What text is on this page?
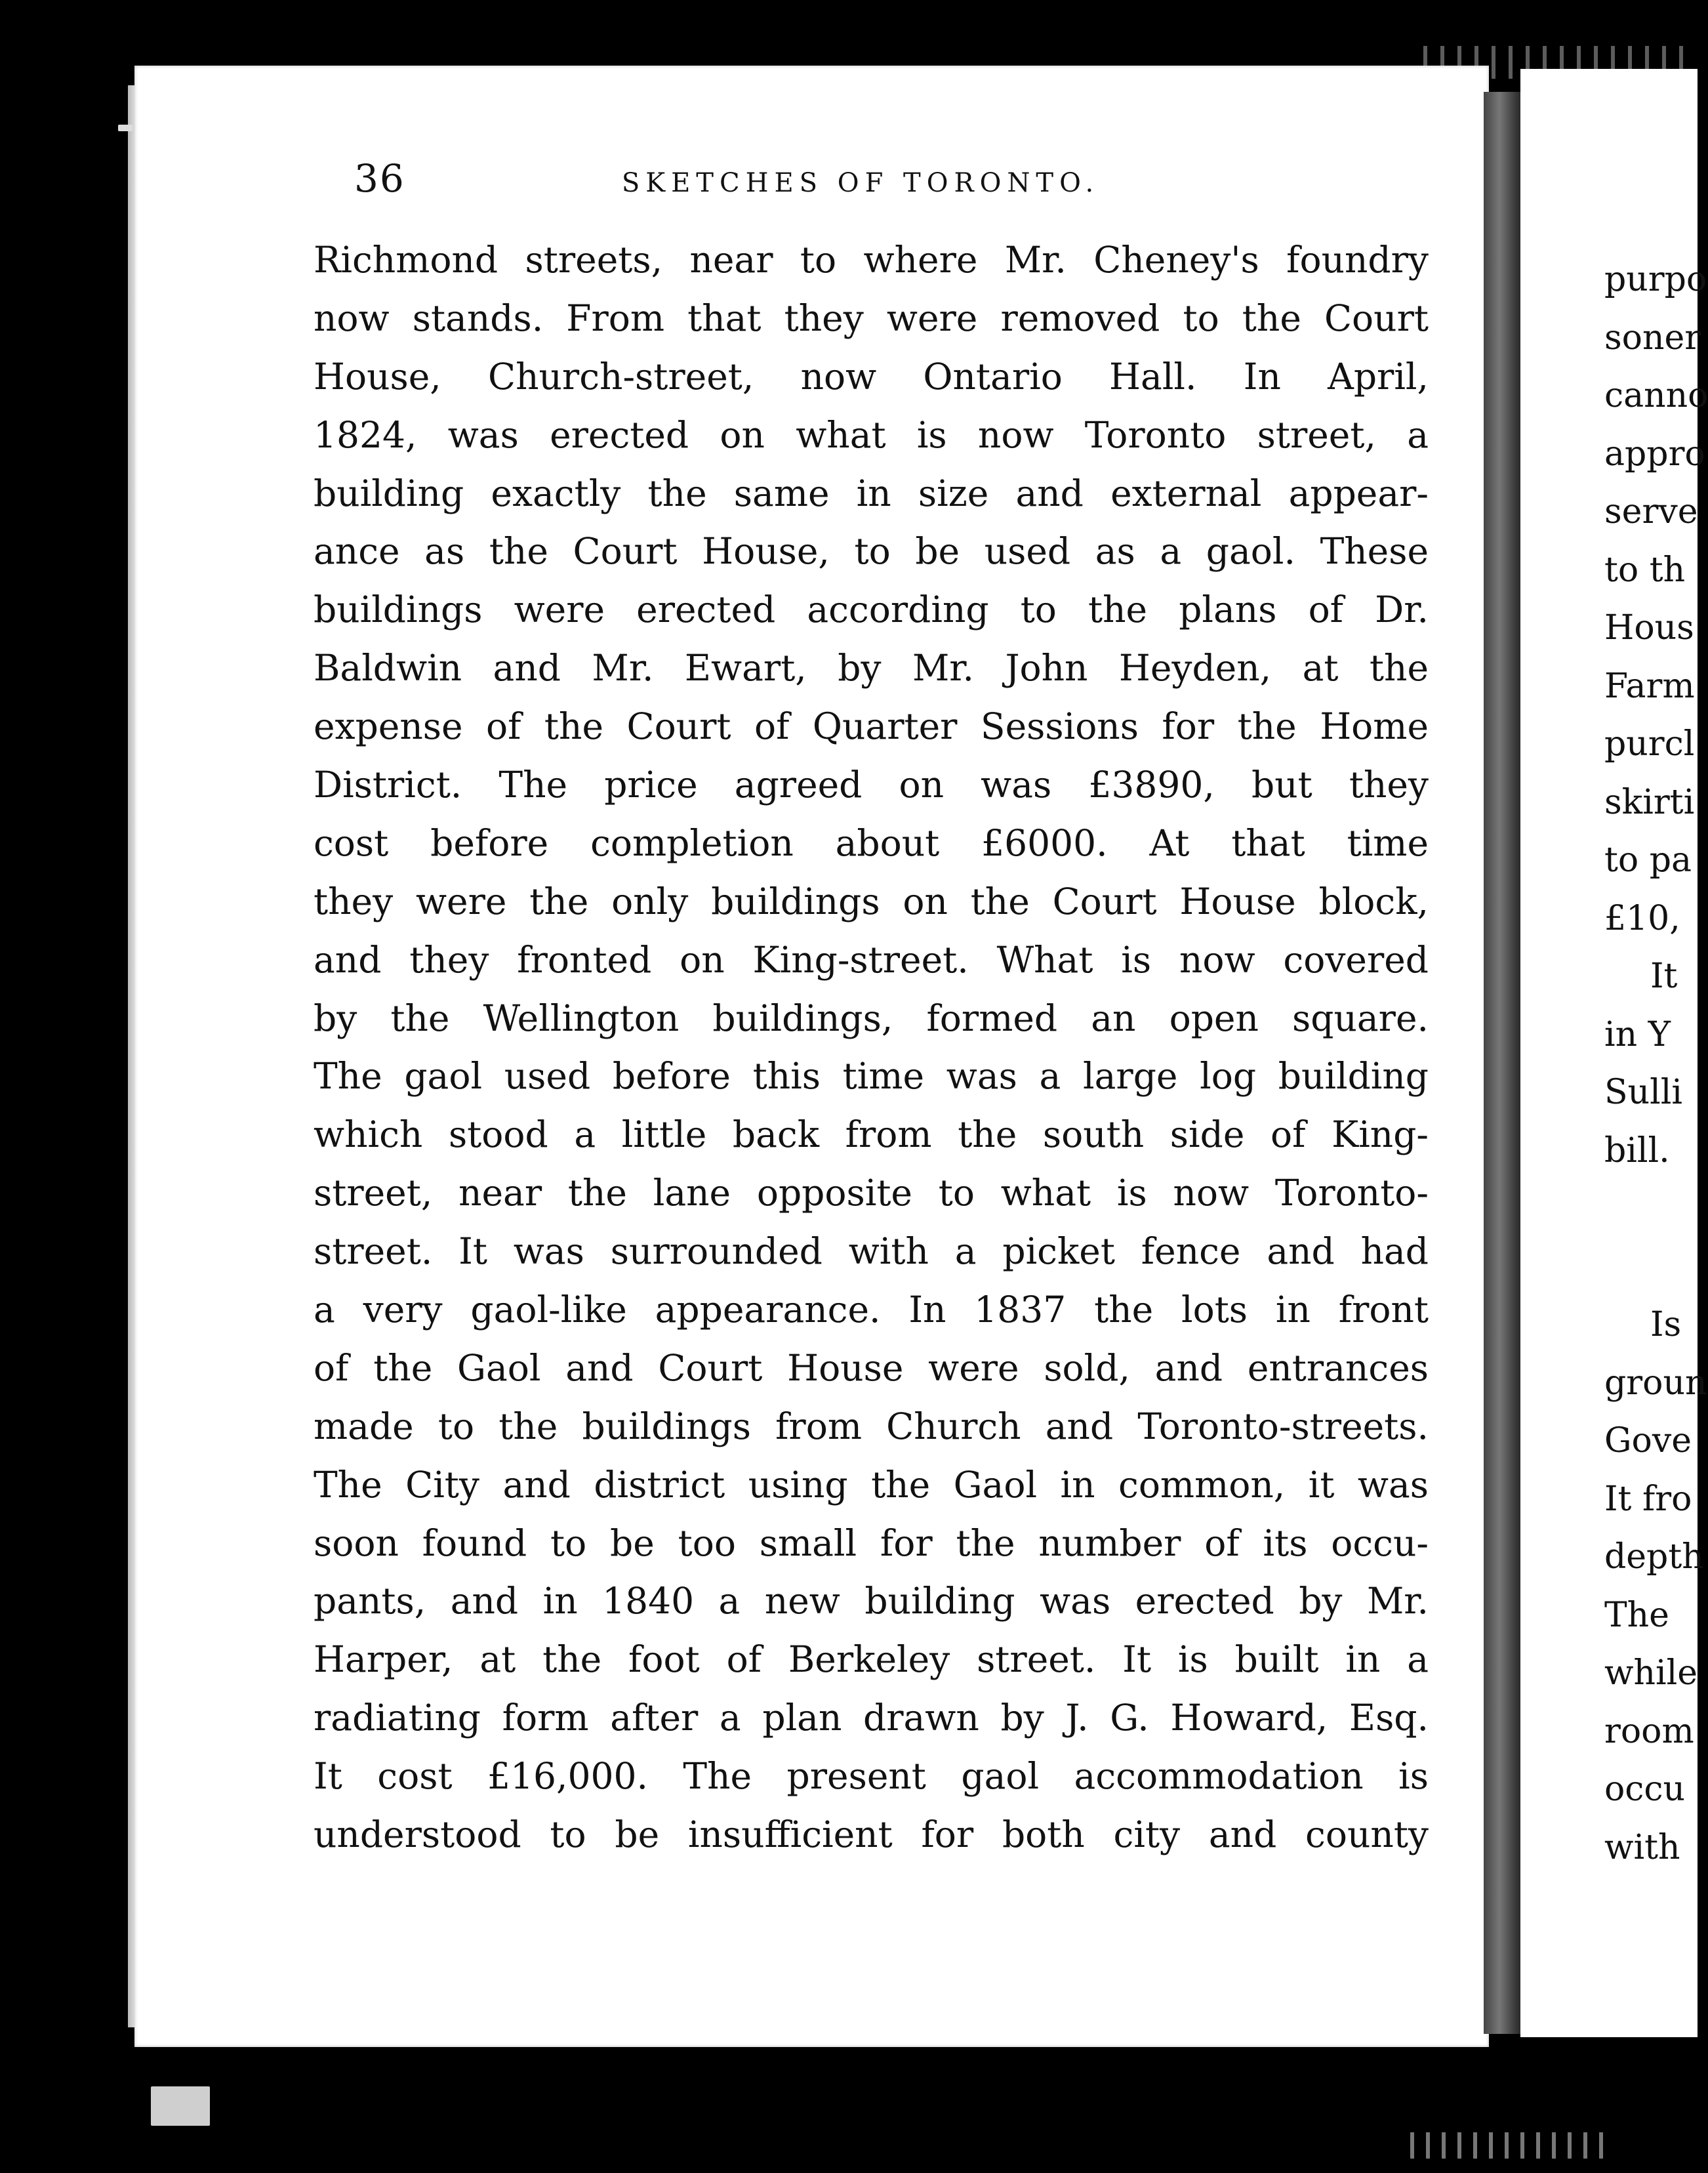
36	SKETCHES OF TORONTO.
Richmond streets, near to where Mr. Cheney's foundry
now stands. From that they were removed to the Court
House, Church-street, now Ontario Hall. In April,
1824, was erected on what is now Toronto street, a
building exactly the same in size and external appear-
ance as the Court House, to be used as a gaol. These
buildings were erected according to the plans of Dr.
Baldwin and Mr. Ewart, by Mr. John Heyden, at the
expense of the Court of Quarter Sessions for the Home
District. The price agreed on was £3890, but they
cost before completion about £6000. At that time
they were the only buildings on the Court House block,
and they fronted on King-street. What is now covered
by the Wellington buildings, formed an open square.
The gaol used before this time was a large log building
which stood a little back from the south side of King-
street, near the lane opposite to what is now Toronto-
street. It was surrounded with a picket fence and had
a very gaol-like appearance. In 1837 the lots in front
of the Gaol and Court House were sold, and entrances
made to the buildings from Church and Toronto-streets.
The City and district using the Gaol in common, it was
soon found to be too small for the number of its occu-
pants, and in 1840 a new building was erected by Mr.
Harper, at the foot of Berkeley street. It is built in a
radiating form after a plan drawn by J. G. Howard, Esq.
It cost £16,000. The present gaol accommodation is
understood to be insufficient for both city and county
purpo
soner
canno
appro
serve
to th
Hous
Farm
purcl
skirti
to pa
£10,
It
in Y
Sulli
bill.
Is
groun
Gove
It fro
depth
The
while
room
occu
with
